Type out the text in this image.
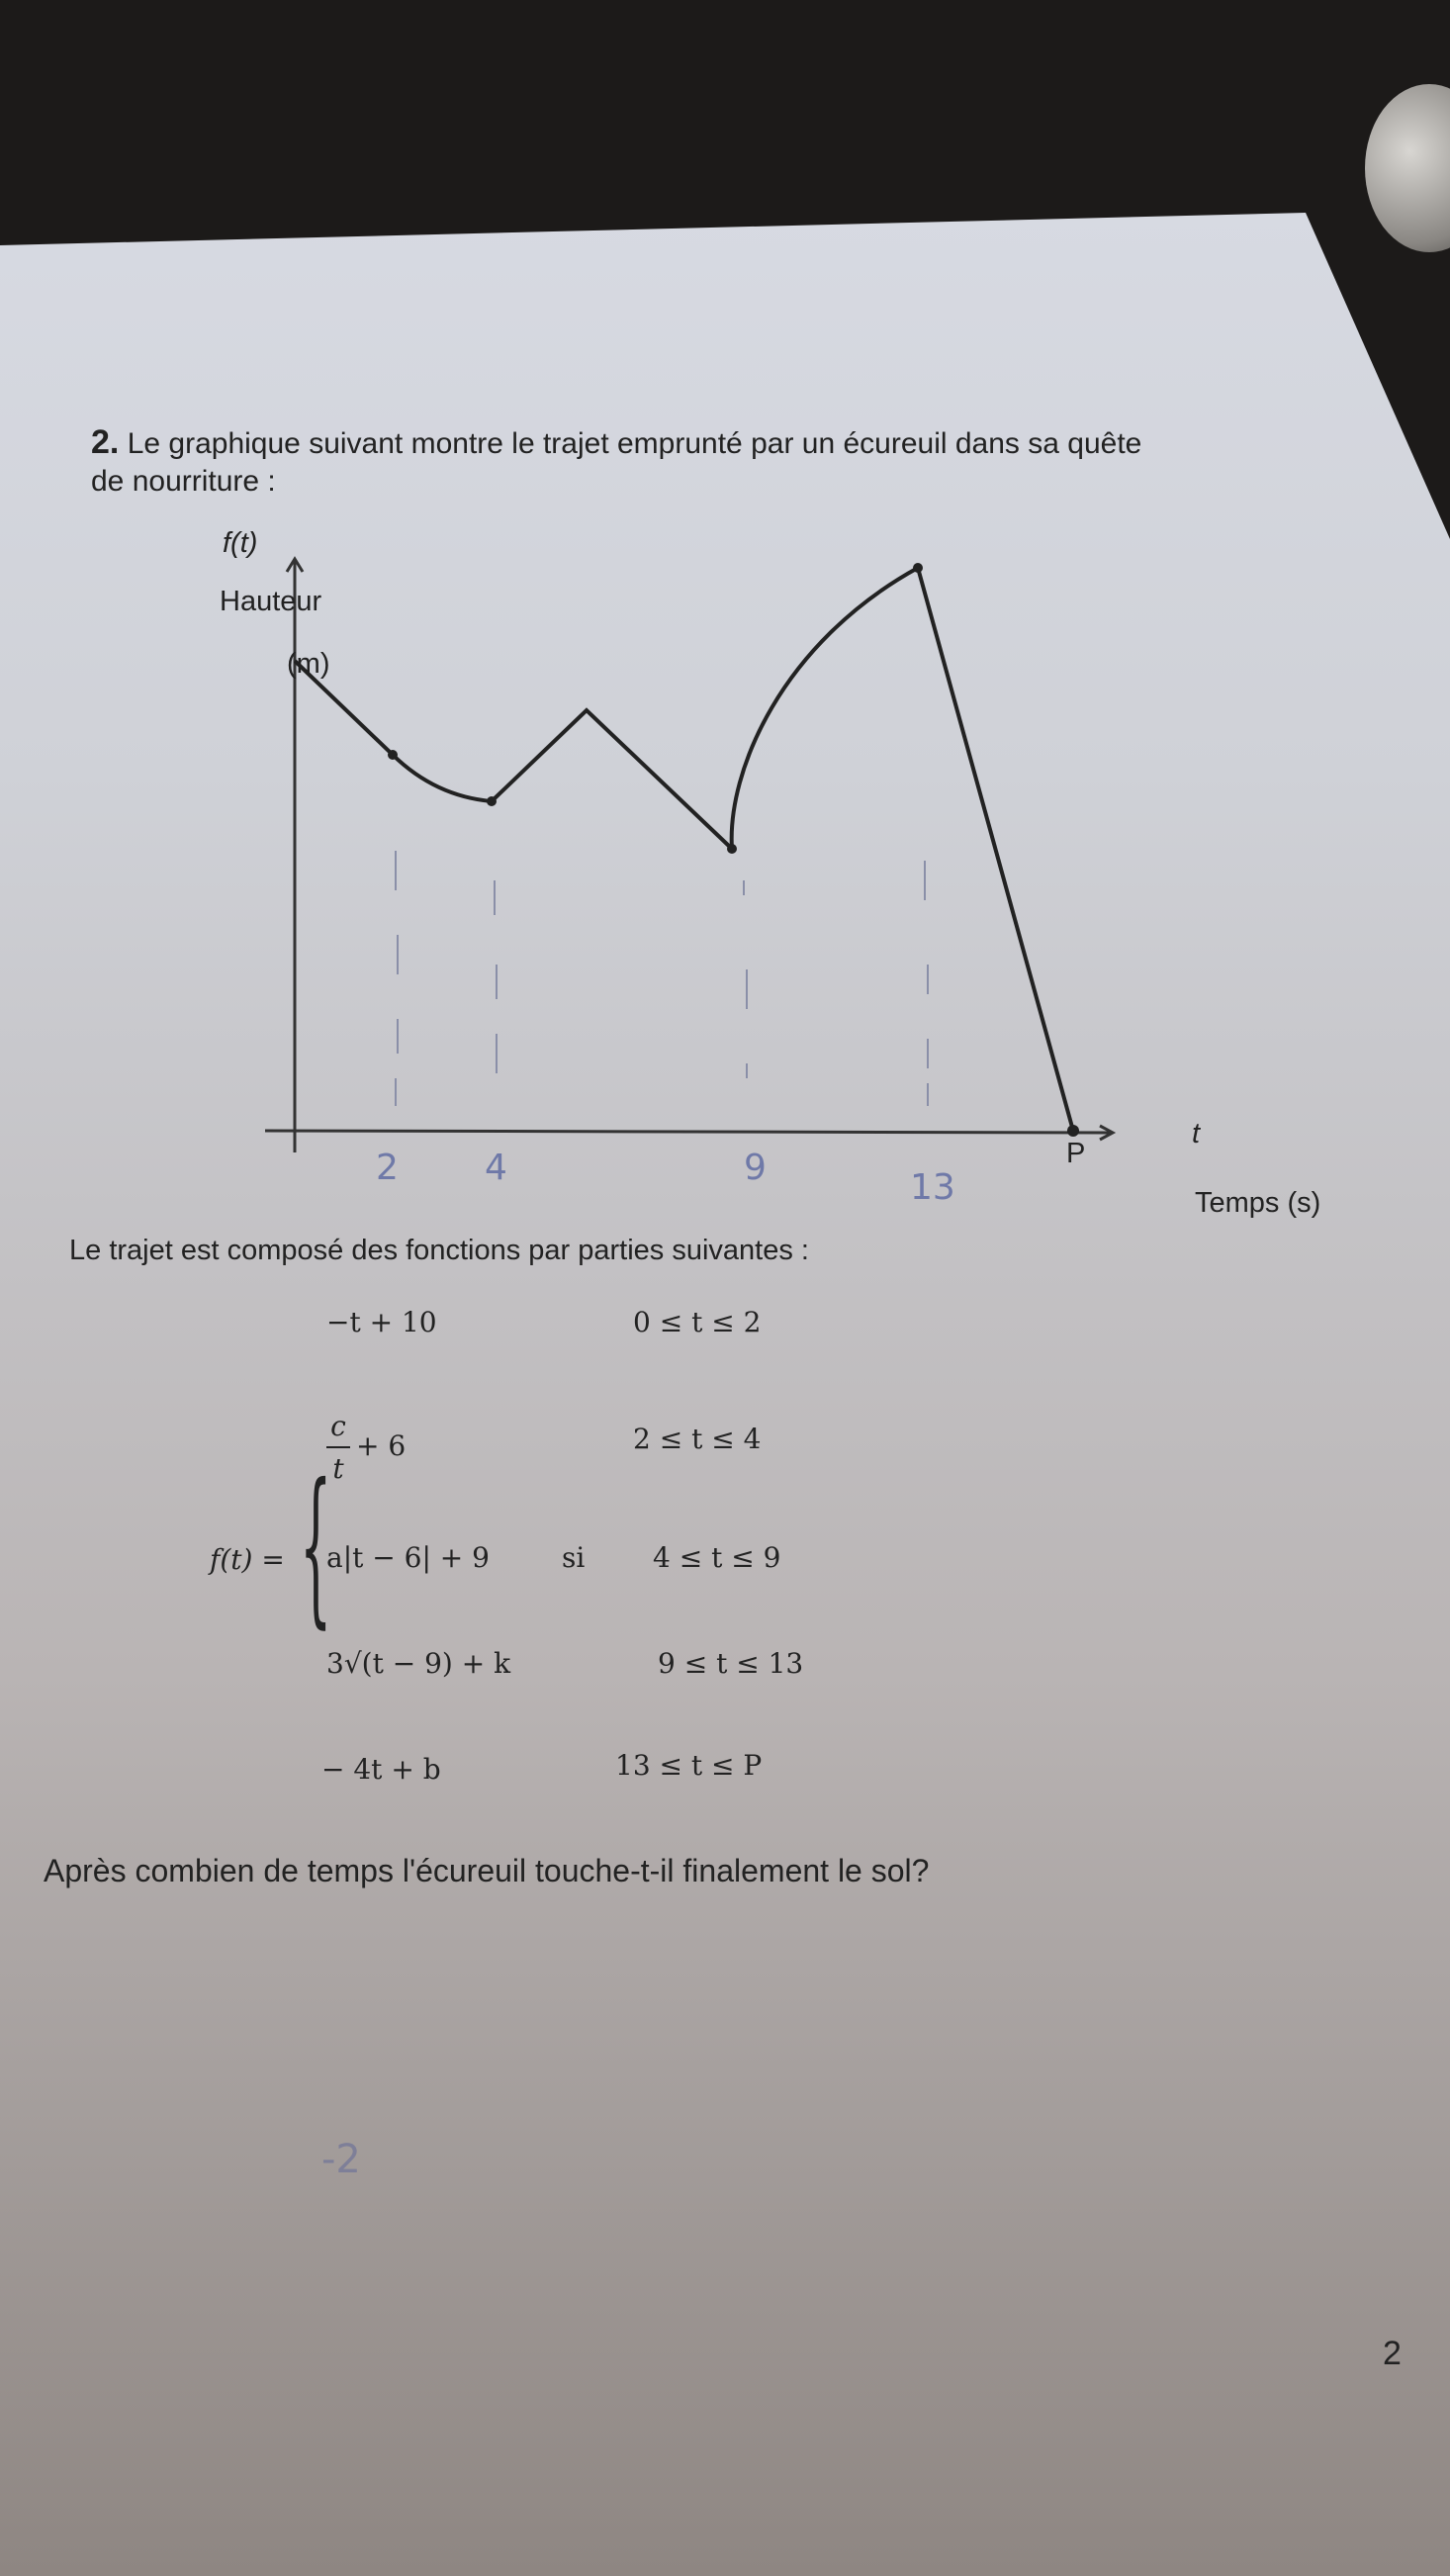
2. Le graphique suivant montre le trajet emprunté par un écureuil dans sa quête
de nourriture :
f(t)
Hauteur
(m)
t
Temps (s)
P
2 4	9	13
Le trajet est composé des fonctions par parties suivantes :
f(t) = {
−t + 10	0 ≤ t ≤ 2
c
t
+ 6	2 ≤ t ≤ 4
a|t − 6| + 9	si 4 ≤ t ≤ 9
3√(t − 9) + k	9 ≤ t ≤ 13
− 4t + b	13 ≤ t ≤ P
Après combien de temps l'écureuil touche-t-il finalement le sol?
-2
2
